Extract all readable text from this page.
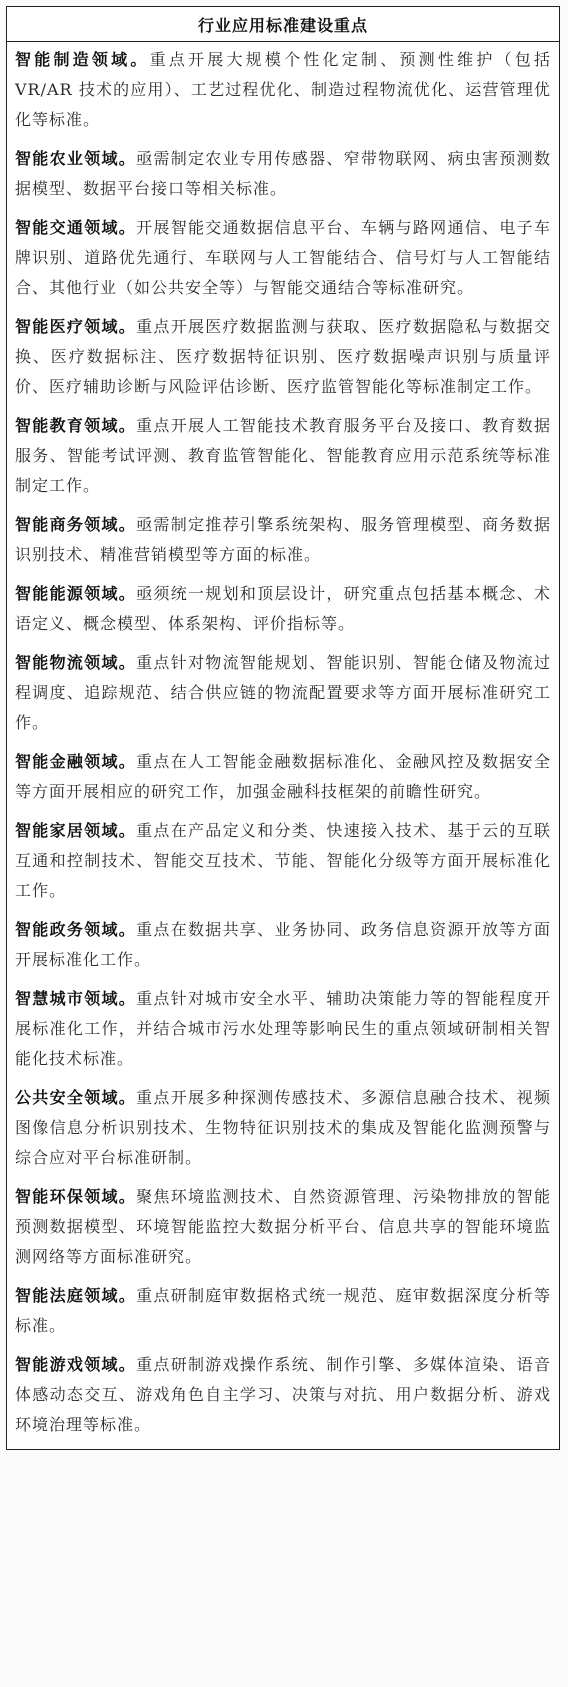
行业应用标准建设重点
智能制造领域。重点开展大规模个性化定制、预测性维护（包括 VR/AR 技术的应用）、工艺过程优化、制造过程物流优化、运营管理优化等标准。
智能农业领域。亟需制定农业专用传感器、窄带物联网、病虫害预测数据模型、数据平台接口等相关标准。
智能交通领域。开展智能交通数据信息平台、车辆与路网通信、电子车牌识别、道路优先通行、车联网与人工智能结合、信号灯与人工智能结合、其他行业（如公共安全等）与智能交通结合等标准研究。
智能医疗领域。重点开展医疗数据监测与获取、医疗数据隐私与数据交换、医疗数据标注、医疗数据特征识别、医疗数据噪声识别与质量评价、医疗辅助诊断与风险评估诊断、医疗监管智能化等标准制定工作。
智能教育领域。重点开展人工智能技术教育服务平台及接口、教育数据服务、智能考试评测、教育监管智能化、智能教育应用示范系统等标准制定工作。
智能商务领域。亟需制定推荐引擎系统架构、服务管理模型、商务数据识别技术、精准营销模型等方面的标准。
智能能源领域。亟须统一规划和顶层设计，研究重点包括基本概念、术语定义、概念模型、体系架构、评价指标等。
智能物流领域。重点针对物流智能规划、智能识别、智能仓储及物流过程调度、追踪规范、结合供应链的物流配置要求等方面开展标准研究工作。
智能金融领域。重点在人工智能金融数据标准化、金融风控及数据安全等方面开展相应的研究工作，加强金融科技框架的前瞻性研究。
智能家居领域。重点在产品定义和分类、快速接入技术、基于云的互联互通和控制技术、智能交互技术、节能、智能化分级等方面开展标准化工作。
智能政务领域。重点在数据共享、业务协同、政务信息资源开放等方面开展标准化工作。
智慧城市领域。重点针对城市安全水平、辅助决策能力等的智能程度开展标准化工作，并结合城市污水处理等影响民生的重点领域研制相关智能化技术标准。
公共安全领域。重点开展多种探测传感技术、多源信息融合技术、视频图像信息分析识别技术、生物特征识别技术的集成及智能化监测预警与综合应对平台标准研制。
智能环保领域。聚焦环境监测技术、自然资源管理、污染物排放的智能预测数据模型、环境智能监控大数据分析平台、信息共享的智能环境监测网络等方面标准研究。
智能法庭领域。重点研制庭审数据格式统一规范、庭审数据深度分析等标准。
智能游戏领域。重点研制游戏操作系统、制作引擎、多媒体渲染、语音体感动态交互、游戏角色自主学习、决策与对抗、用户数据分析、游戏环境治理等标准。
